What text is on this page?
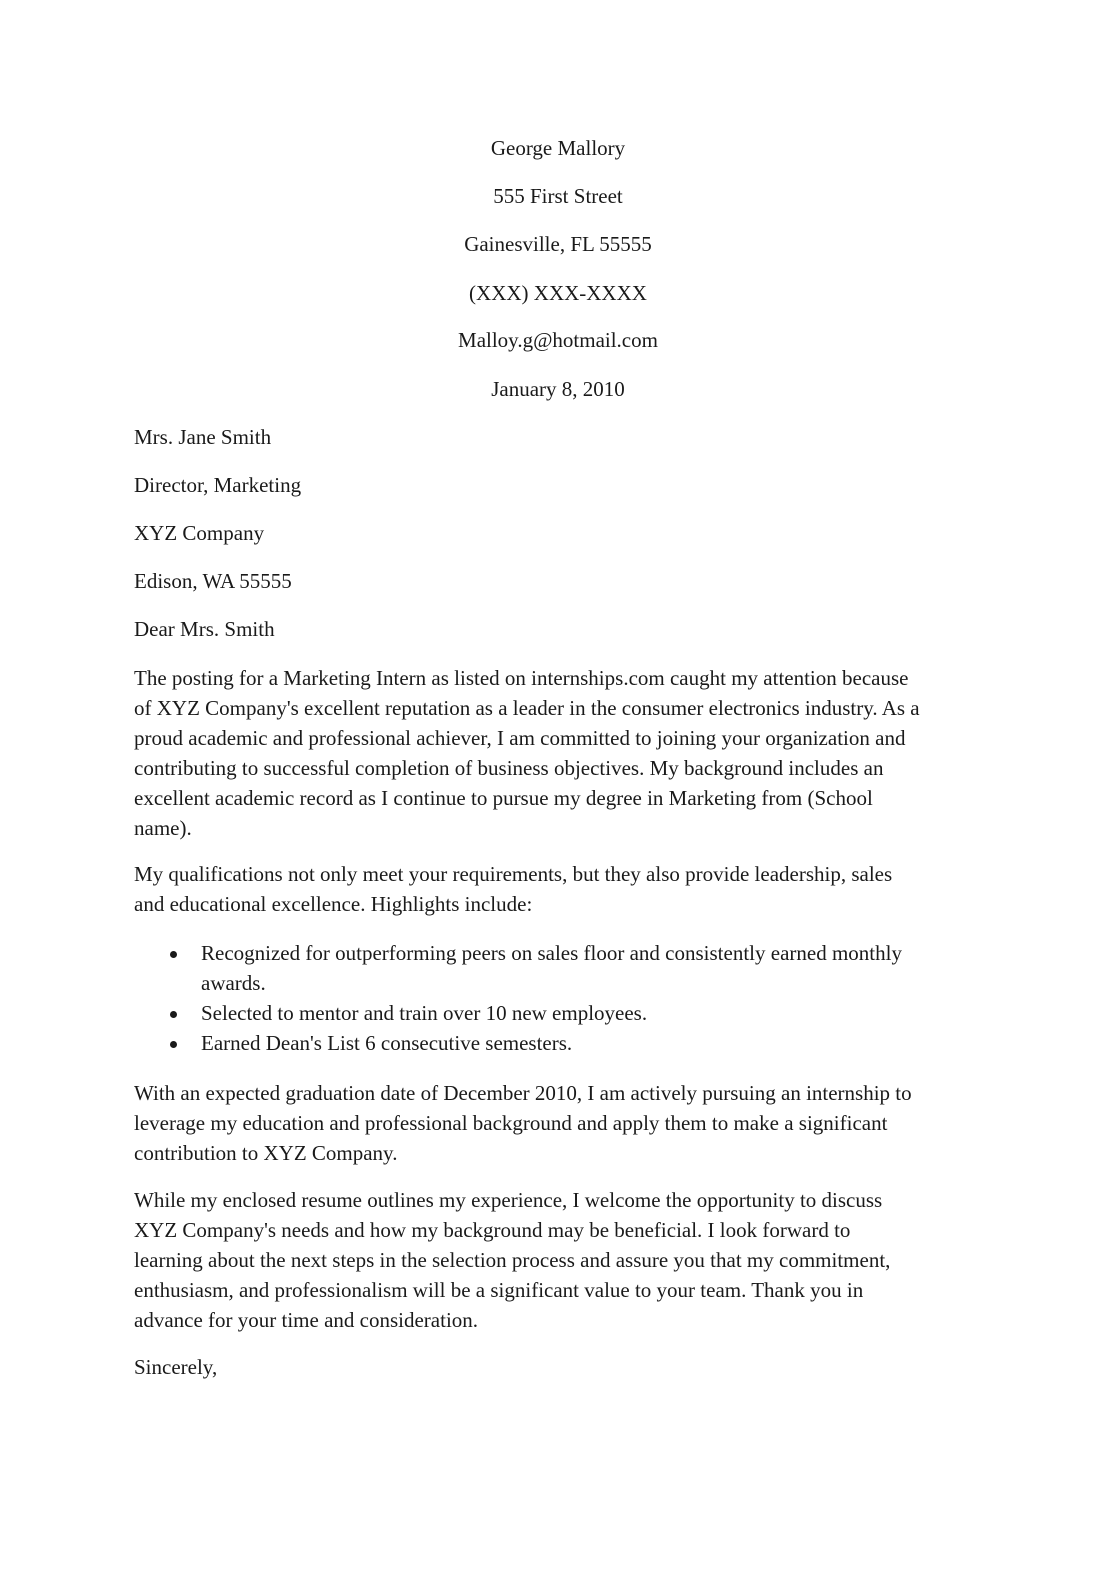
George Mallory
555 First Street
Gainesville, FL 55555
(XXX) XXX-XXXX
Malloy.g@hotmail.com
January 8, 2010
Mrs. Jane Smith
Director, Marketing
XYZ Company
Edison, WA 55555
Dear Mrs. Smith
The posting for a Marketing Intern as listed on internships.com caught my attention because
of XYZ Company's excellent reputation as a leader in the consumer electronics industry. As a
proud academic and professional achiever, I am committed to joining your organization and
contributing to successful completion of business objectives. My background includes an
excellent academic record as I continue to pursue my degree in Marketing from (School
name).
My qualifications not only meet your requirements, but they also provide leadership, sales
and educational excellence. Highlights include:
Recognized for outperforming peers on sales floor and consistently earned monthly
awards.
Selected to mentor and train over 10 new employees.
Earned Dean's List 6 consecutive semesters.
With an expected graduation date of December 2010, I am actively pursuing an internship to
leverage my education and professional background and apply them to make a significant
contribution to XYZ Company.
While my enclosed resume outlines my experience, I welcome the opportunity to discuss
XYZ Company's needs and how my background may be beneficial. I look forward to
learning about the next steps in the selection process and assure you that my commitment,
enthusiasm, and professionalism will be a significant value to your team. Thank you in
advance for your time and consideration.
Sincerely,
